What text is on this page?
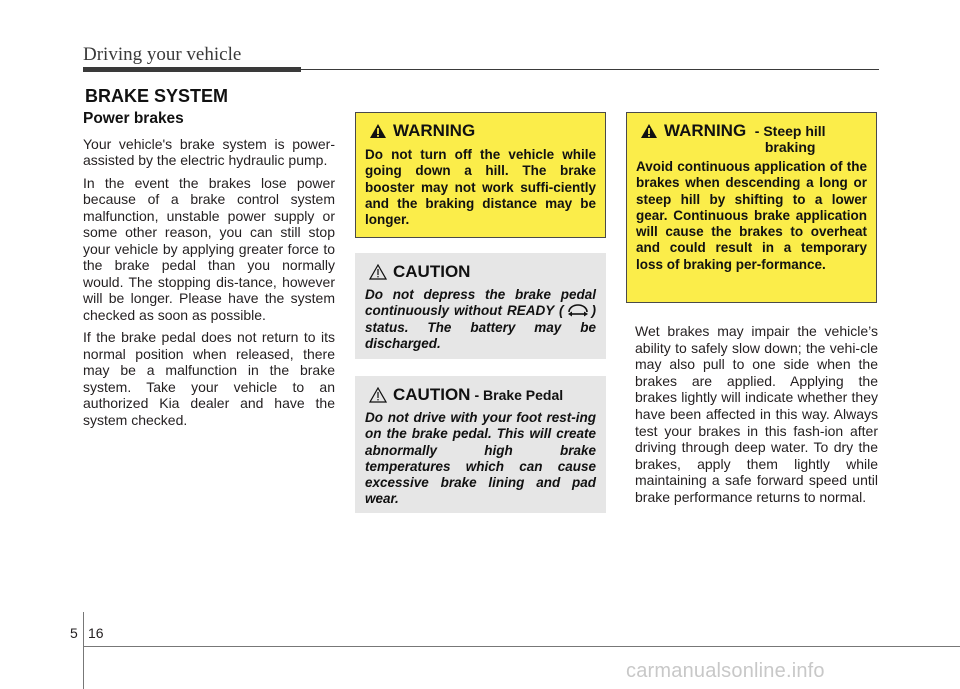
Driving your vehicle
BRAKE SYSTEM
Power brakes

Your vehicle's brake system is power-assisted by the electric hydraulic pump.

In the event the brakes lose power because of a brake control system malfunction, unstable power supply or some other reason, you can still stop your vehicle by applying greater force to the brake pedal than you normally would. The stopping dis-tance, however will be longer. Please have the system checked as soon as possible.

If the brake pedal does not return to its normal position when released, there may be a malfunction in the brake system. Take your vehicle to an authorized Kia dealer and have the system checked.

WARNING
Do not turn off the vehicle while going down a hill. The brake booster may not work suffi-ciently and the braking distance may be longer.
CAUTION
Do not depress the brake pedal continuously without READY ( ) status. The battery may be discharged.
CAUTION - Brake Pedal
Do not drive with your foot rest-ing on the brake pedal. This will create abnormally high brake temperatures which can cause excessive brake lining and pad wear.
WARNING - Steep hill braking
Avoid continuous application of the brakes when descending a long or steep hill by shifting to a lower gear. Continuous brake application will cause the brakes to overheat and could result in a temporary loss of braking per-formance.
Wet brakes may impair the vehicle’s ability to safely slow down; the vehi-cle may also pull to one side when the brakes are applied. Applying the brakes lightly will indicate whether they have been affected in this way. Always test your brakes in this fash-ion after driving through deep water. To dry the brakes, apply them lightly while maintaining a safe forward speed until brake performance returns to normal.
5 16
carmanualsonline.info
